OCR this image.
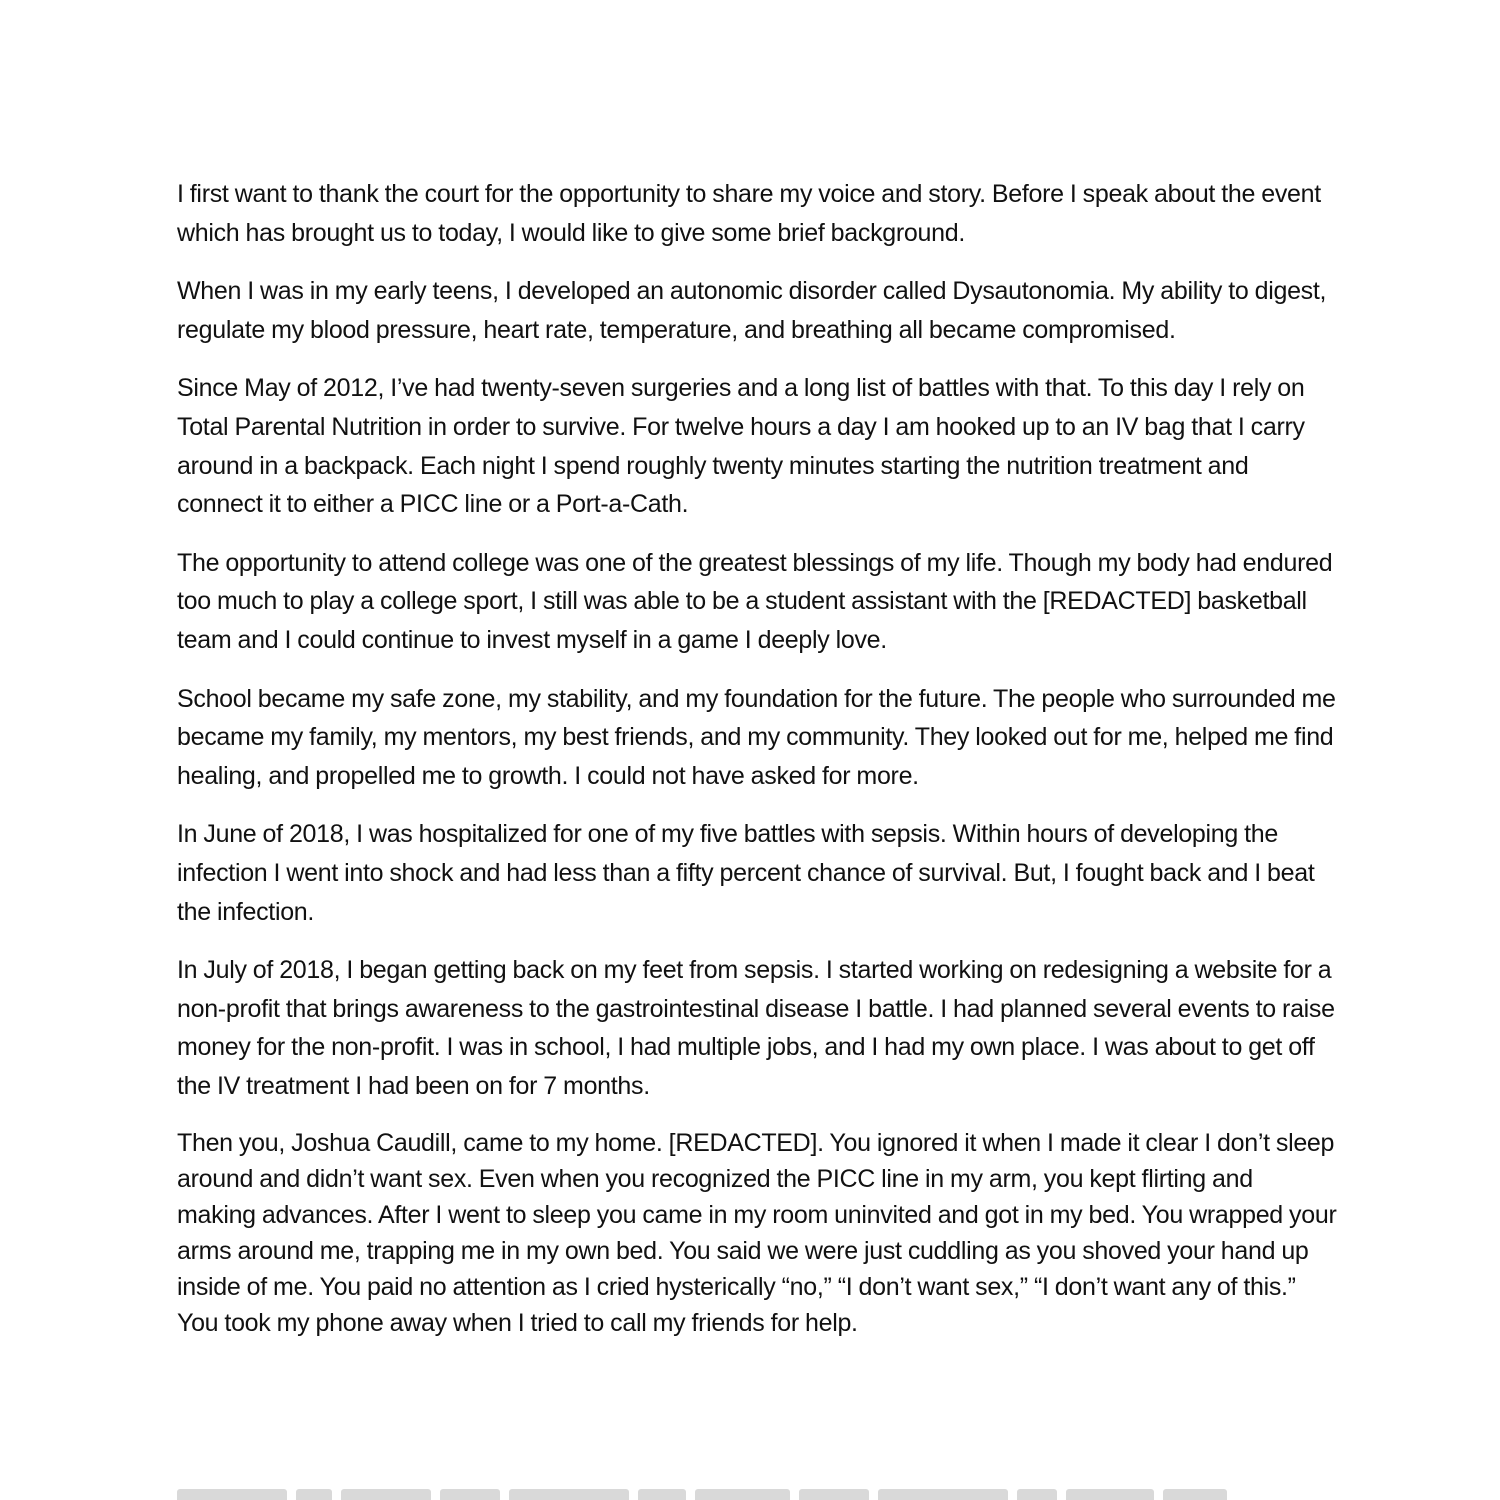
I first want to thank the court for the opportunity to share my voice and story. Before I speak about the event which has brought us to today, I would like to give some brief background.

When I was in my early teens, I developed an autonomic disorder called Dysautonomia. My ability to digest, regulate my blood pressure, heart rate, temperature, and breathing all became compromised.

Since May of 2012, I’ve had twenty-seven surgeries and a long list of battles with that. To this day I rely on Total Parental Nutrition in order to survive. For twelve hours a day I am hooked up to an IV bag that I carry around in a backpack. Each night I spend roughly twenty minutes starting the nutrition treatment and connect it to either a PICC line or a Port-a-Cath.

The opportunity to attend college was one of the greatest blessings of my life. Though my body had endured too much to play a college sport, I still was able to be a student assistant with the [REDACTED] basketball team and I could continue to invest myself in a game I deeply love.

School became my safe zone, my stability, and my foundation for the future. The people who surrounded me became my family, my mentors, my best friends, and my community. They looked out for me, helped me find healing, and propelled me to growth. I could not have asked for more.

In June of 2018, I was hospitalized for one of my five battles with sepsis. Within hours of developing the infection I went into shock and had less than a fifty percent chance of survival. But, I fought back and I beat the infection.

In July of 2018, I began getting back on my feet from sepsis. I started working on redesigning a website for a non-profit that brings awareness to the gastrointestinal disease I battle. I had planned several events to raise money for the non-profit. I was in school, I had multiple jobs, and I had my own place. I was about to get off the IV treatment I had been on for 7 months.

Then you, Joshua Caudill, came to my home. [REDACTED]. You ignored it when I made it clear I don’t sleep around and didn’t want sex. Even when you recognized the PICC line in my arm, you kept flirting and making advances. After I went to sleep you came in my room uninvited and got in my bed. You wrapped your arms around me, trapping me in my own bed. You said we were just cuddling as you shoved your hand up inside of me. You paid no attention as I cried hysterically “no,” “I don’t want sex,” “I don’t want any of this.” You took my phone away when I tried to call my friends for help.
